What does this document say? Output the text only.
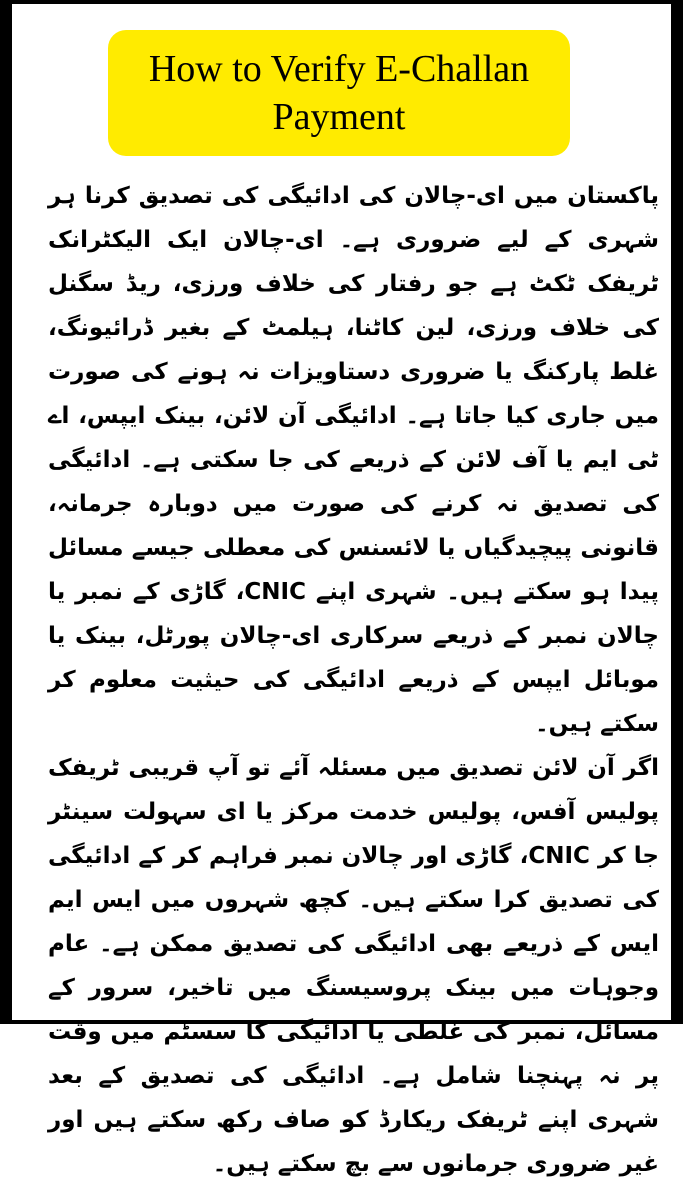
How to Verify E-Challan
Payment

پاکستان میں ای-چالان کی ادائیگی کی تصدیق کرنا ہر شہری کے لیے ضروری ہے۔ ای-چالان ایک الیکٹرانک ٹریفک ٹکٹ ہے جو رفتار کی خلاف ورزی، ریڈ سگنل کی خلاف ورزی، لین کاٹنا، ہیلمٹ کے بغیر ڈرائیونگ، غلط پارکنگ یا ضروری دستاویزات نہ ہونے کی صورت میں جاری کیا جاتا ہے۔ ادائیگی آن لائن، بینک ایپس، اے ٹی ایم یا آف لائن کے ذریعے کی جا سکتی ہے۔ ادائیگی کی تصدیق نہ کرنے کی صورت میں دوبارہ جرمانہ، قانونی پیچیدگیاں یا لائسنس کی معطلی جیسے مسائل پیدا ہو سکتے ہیں۔ شہری اپنے CNIC، گاڑی کے نمبر یا چالان نمبر کے ذریعے سرکاری ای-چالان پورٹل، بینک یا موبائل ایپس کے ذریعے ادائیگی کی حیثیت معلوم کر سکتے ہیں۔

اگر آن لائن تصدیق میں مسئلہ آئے تو آپ قریبی ٹریفک پولیس آفس، پولیس خدمت مرکز یا ای سہولت سینٹر جا کر CNIC، گاڑی اور چالان نمبر فراہم کر کے ادائیگی کی تصدیق کرا سکتے ہیں۔ کچھ شہروں میں ایس ایم ایس کے ذریعے بھی ادائیگی کی تصدیق ممکن ہے۔ عام وجوہات میں بینک پروسیسنگ میں تاخیر، سرور کے مسائل، نمبر کی غلطی یا ادائیگی کا سسٹم میں وقت پر نہ پہنچنا شامل ہے۔ ادائیگی کی تصدیق کے بعد شہری اپنے ٹریفک ریکارڈ کو صاف رکھ سکتے ہیں اور غیر ضروری جرمانوں سے بچ سکتے ہیں۔
